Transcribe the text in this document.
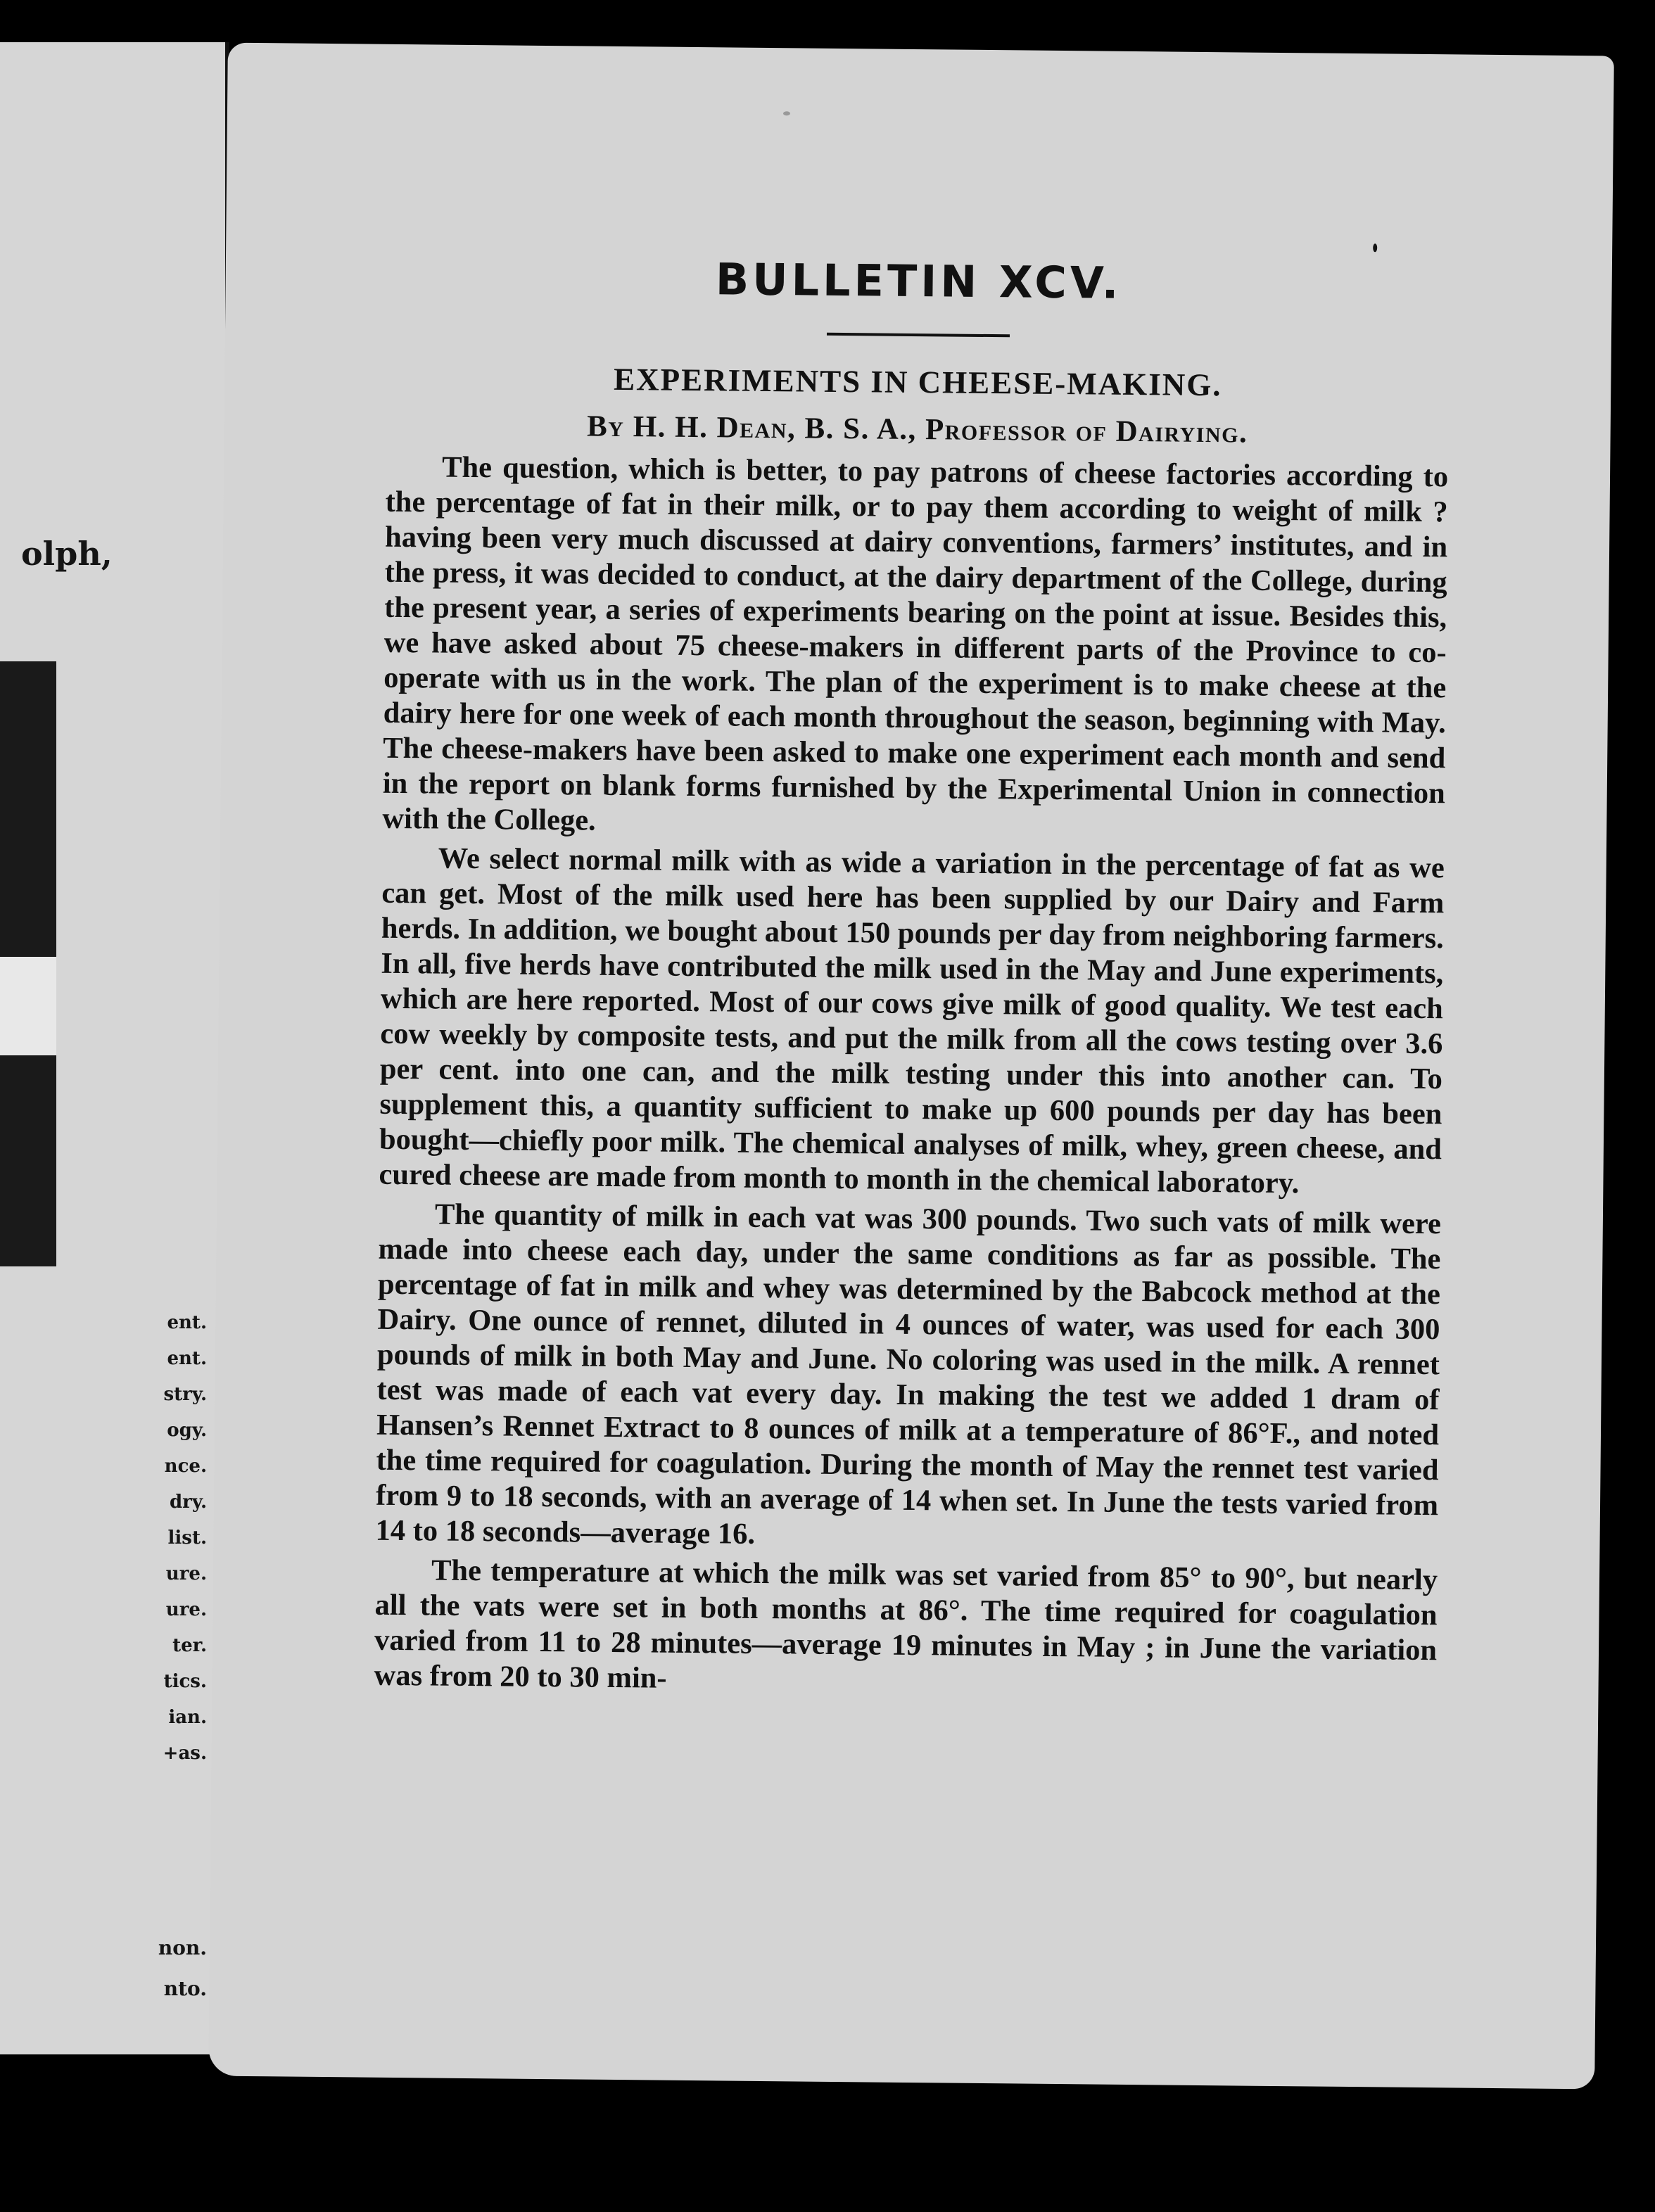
olph,
ent.
ent.
stry.
ogy.
nce.
dry.
list.
ure.
ure.
ter.
tics.
ian.
+as.
non.
nto.
BULLETIN XCV.
EXPERIMENTS IN CHEESE-MAKING.
By H. H. Dean, B. S. A., Professor of Dairying.

The question, which is better, to pay patrons of cheese factories according to the percentage of fat in their milk, or to pay them according to weight of milk ? having been very much discussed at dairy conventions, farmers’ institutes, and in the press, it was decided to conduct, at the dairy department of the College, during the present year, a series of experiments bearing on the point at issue. Besides this, we have asked about 75 cheese-makers in different parts of the Province to co-operate with us in the work. The plan of the experiment is to make cheese at the dairy here for one week of each month throughout the season, beginning with May. The cheese-makers have been asked to make one experiment each month and send in the report on blank forms furnished by the Experimental Union in connection with the College.

We select normal milk with as wide a variation in the percentage of fat as we can get. Most of the milk used here has been supplied by our Dairy and Farm herds. In addition, we bought about 150 pounds per day from neighboring farmers. In all, five herds have contributed the milk used in the May and June experiments, which are here reported. Most of our cows give milk of good quality. We test each cow weekly by composite tests, and put the milk from all the cows testing over 3.6 per cent. into one can, and the milk testing under this into another can. To supplement this, a quantity sufficient to make up 600 pounds per day has been bought—chiefly poor milk. The chemical analyses of milk, whey, green cheese, and cured cheese are made from month to month in the chemical laboratory.

The quantity of milk in each vat was 300 pounds. Two such vats of milk were made into cheese each day, under the same conditions as far as possible. The percentage of fat in milk and whey was determined by the Babcock method at the Dairy. One ounce of rennet, diluted in 4 ounces of water, was used for each 300 pounds of milk in both May and June. No coloring was used in the milk. A rennet test was made of each vat every day. In making the test we added 1 dram of Hansen’s Rennet Extract to 8 ounces of milk at a temperature of 86°F., and noted the time required for coagulation. During the month of May the rennet test varied from 9 to 18 seconds, with an average of 14 when set. In June the tests varied from 14 to 18 seconds—average 16.

The temperature at which the milk was set varied from 85° to 90°, but nearly all the vats were set in both months at 86°. The time required for coagulation varied from 11 to 28 minutes—average 19 minutes in May ; in June the variation was from 20 to 30 min-
